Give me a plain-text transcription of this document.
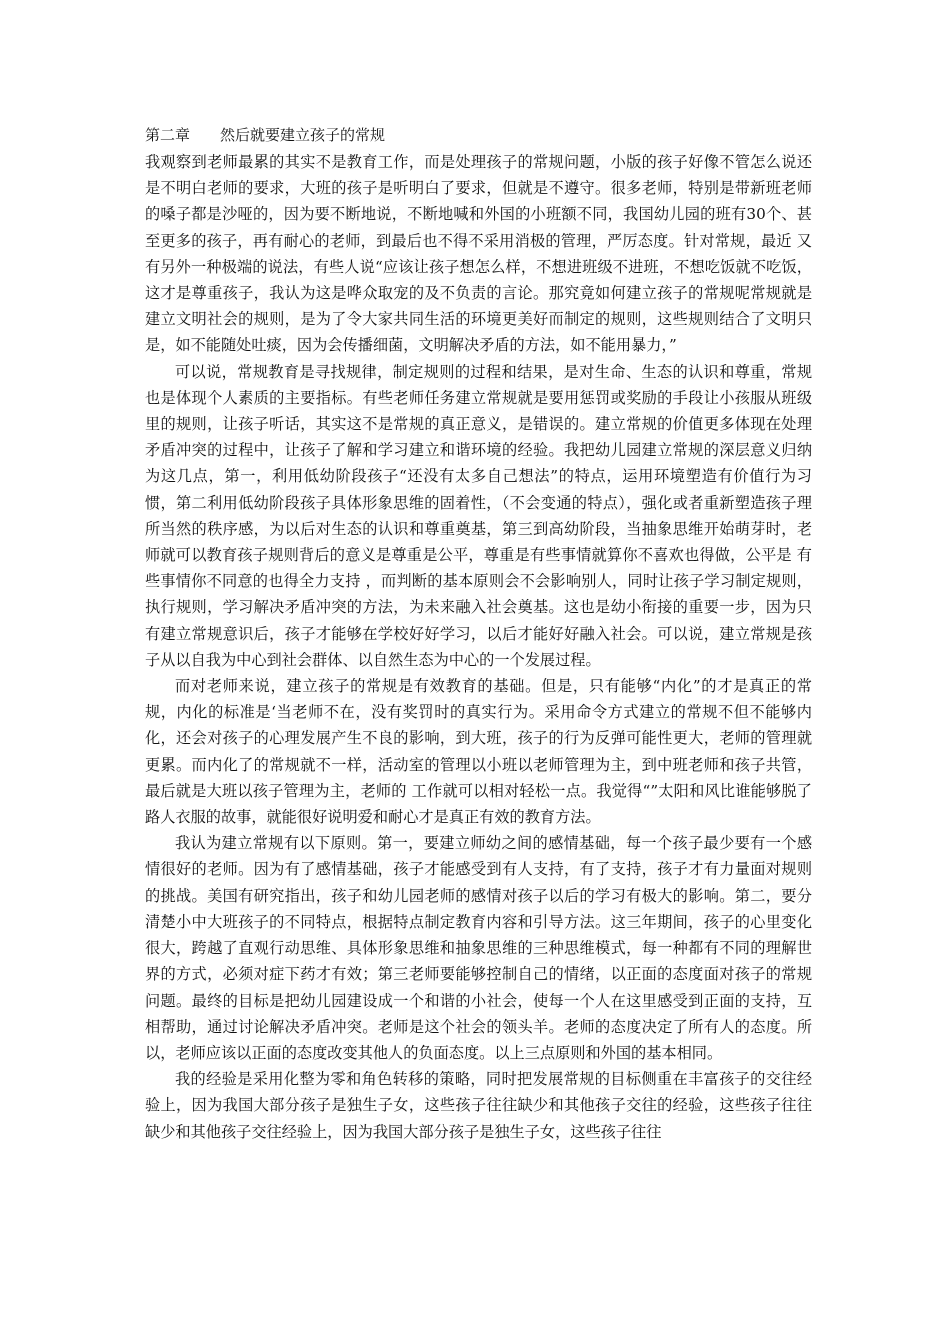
第二章　　然后就要建立孩子的常规

我观察到老师最累的其实不是教育工作，而是处理孩子的常规问题，小版的孩子好像不管怎么说还是不明白老师的要求，大班的孩子是听明白了要求，但就是不遵守。很多老师，特别是带新班老师的嗓子都是沙哑的，因为要不断地说，不断地喊和外国的小班额不同，我国幼儿园的班有30个、甚至更多的孩子，再有耐心的老师，到最后也不得不采用消极的管理，严厉态度。针对常规，最近 又有另外一种极端的说法，有些人说“应该让孩子想怎么样，不想进班级不进班，不想吃饭就不吃饭，这才是尊重孩子，我认为这是哗众取宠的及不负责的言论。那究竟如何建立孩子的常规呢常规就是建立文明社会的规则，是为了令大家共同生活的环境更美好而制定的规则，这些规则结合了文明只是，如不能随处吐痰，因为会传播细菌，文明解决矛盾的方法，如不能用暴力，”

可以说，常规教育是寻找规律，制定规则的过程和结果，是对生命、生态的认识和尊重，常规也是体现个人素质的主要指标。有些老师任务建立常规就是要用惩罚或奖励的手段让小孩服从班级里的规则，让孩子听话，其实这不是常规的真正意义，是错误的。建立常规的价值更多体现在处理矛盾冲突的过程中，让孩子了解和学习建立和谐环境的经验。我把幼儿园建立常规的深层意义归纳为这几点，第一，利用低幼阶段孩子“还没有太多自己想法”的特点，运用环境塑造有价值行为习惯，第二利用低幼阶段孩子具体形象思维的固着性，（不会变通的特点），强化或者重新塑造孩子理所当然的秩序感，为以后对生态的认识和尊重奠基，第三到高幼阶段，当抽象思维开始萌芽时，老师就可以教育孩子规则背后的意义是尊重是公平，尊重是有些事情就算你不喜欢也得做，公平是 有些事情你不同意的也得全力支持 ，而判断的基本原则会不会影响别人，同时让孩子学习制定规则，执行规则，学习解决矛盾冲突的方法，为未来融入社会奠基。这也是幼小衔接的重要一步，因为只有建立常规意识后，孩子才能够在学校好好学习，以后才能好好融入社会。可以说，建立常规是孩子从以自我为中心到社会群体、以自然生态为中心的一个发展过程。

而对老师来说，建立孩子的常规是有效教育的基础。但是，只有能够“内化”的才是真正的常规，内化的标准是‘当老师不在，没有奖罚时的真实行为。采用命令方式建立的常规不但不能够内化，还会对孩子的心理发展产生不良的影响，到大班，孩子的行为反弹可能性更大，老师的管理就更累。而内化了的常规就不一样，活动室的管理以小班以老师管理为主，到中班老师和孩子共管，最后就是大班以孩子管理为主，老师的 工作就可以相对轻松一点。我觉得“”太阳和风比谁能够脱了路人衣服的故事，就能很好说明爱和耐心才是真正有效的教育方法。

我认为建立常规有以下原则。第一，要建立师幼之间的感情基础，每一个孩子最少要有一个感情很好的老师。因为有了感情基础，孩子才能感受到有人支持，有了支持，孩子才有力量面对规则的挑战。美国有研究指出，孩子和幼儿园老师的感情对孩子以后的学习有极大的影响。第二，要分清楚小中大班孩子的不同特点，根据特点制定教育内容和引导方法。这三年期间，孩子的心里变化很大，跨越了直观行动思维、具体形象思维和抽象思维的三种思维模式，每一种都有不同的理解世界的方式，必须对症下药才有效；第三老师要能够控制自己的情绪，以正面的态度面对孩子的常规问题。最终的目标是把幼儿园建设成一个和谐的小社会，使每一个人在这里感受到正面的支持，互相帮助，通过讨论解决矛盾冲突。老师是这个社会的领头羊。老师的态度决定了所有人的态度。所以，老师应该以正面的态度改变其他人的负面态度。以上三点原则和外国的基本相同。

我的经验是采用化整为零和角色转移的策略，同时把发展常规的目标侧重在丰富孩子的交往经验上，因为我国大部分孩子是独生子女，这些孩子往往缺少和其他孩子交往的经验，这些孩子往往缺少和其他孩子交往经验上，因为我国大部分孩子是独生子女，这些孩子往往
